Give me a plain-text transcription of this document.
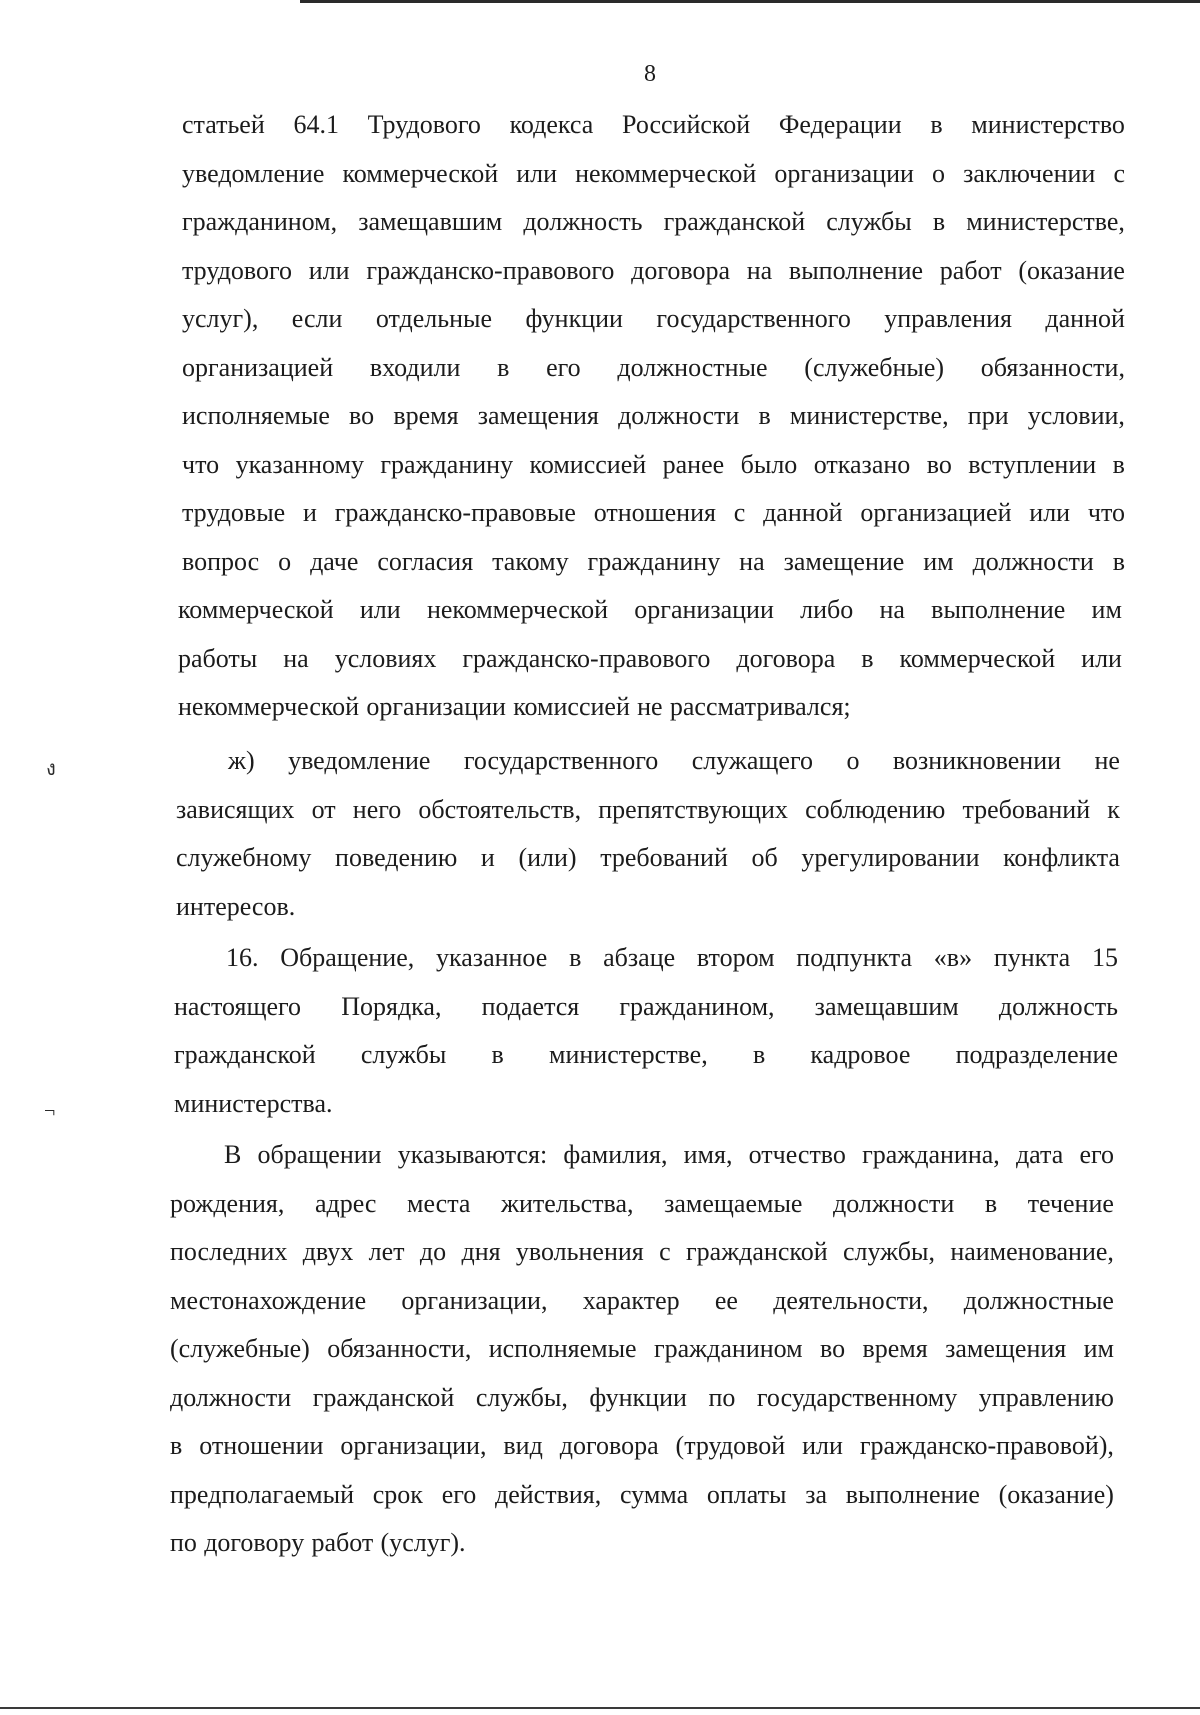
8
статьей 64.1 Трудового кодекса Российской Федерации в министерство
уведомление коммерческой или некоммерческой организации о заключении с
гражданином, замещавшим должность гражданской службы в министерстве,
трудового или гражданско-правового договора на выполнение работ (оказание
услуг), если отдельные функции государственного управления данной
организацией входили в его должностные (служебные) обязанности,
исполняемые во время замещения должности в министерстве, при условии,
что указанному гражданину комиссией ранее было отказано во вступлении в
трудовые и гражданско-правовые отношения с данной организацией или что
вопрос о даче согласия такому гражданину на замещение им должности в
коммерческой или некоммерческой организации либо на выполнение им
работы на условиях гражданско-правового договора в коммерческой или
некоммерческой организации комиссией не рассматривался;
ж) уведомление государственного служащего о возникновении не
зависящих от него обстоятельств, препятствующих соблюдению требований к
служебному поведению и (или) требований об урегулировании конфликта
интересов.
16. Обращение, указанное в абзаце втором подпункта «в» пункта 15
настоящего Порядка, подается гражданином, замещавшим должность
гражданской службы в министерстве, в кадровое подразделение
министерства.
В обращении указываются: фамилия, имя, отчество гражданина, дата его
рождения, адрес места жительства, замещаемые должности в течение
последних двух лет до дня увольнения с гражданской службы, наименование,
местонахождение организации, характер ее деятельности, должностные
(служебные) обязанности, исполняемые гражданином во время замещения им
должности гражданской службы, функции по государственному управлению
в отношении организации, вид договора (трудовой или гражданско-правовой),
предполагаемый срок его действия, сумма оплаты за выполнение (оказание)
по договору работ (услуг).
ง
¬
